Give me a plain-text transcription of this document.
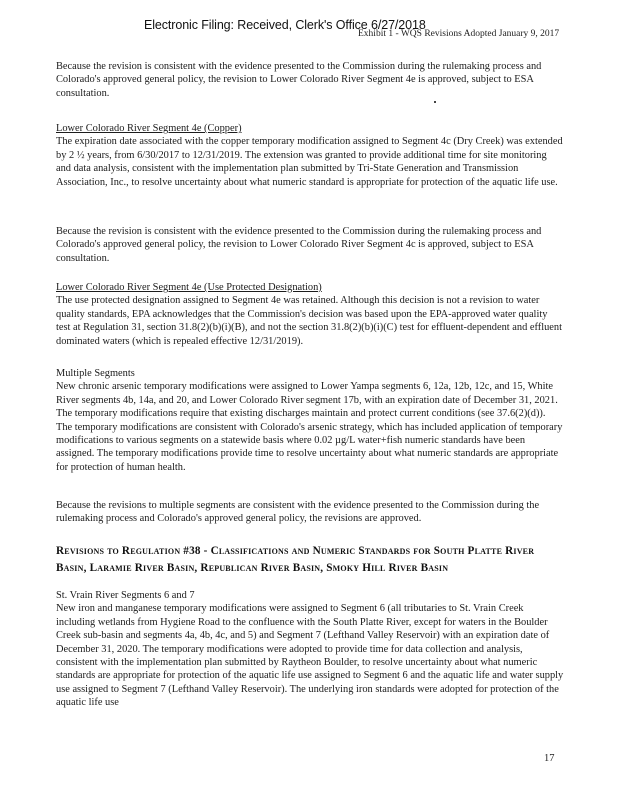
Electronic Filing: Received, Clerk's Office 6/27/2018
Exhibit 1 - WQS Revisions Adopted January 9, 2017

Because the revision is consistent with the evidence presented to the Commission during the rulemaking process and Colorado's approved general policy, the revision to Lower Colorado River Segment 4e is approved, subject to ESA consultation.

Lower Colorado River Segment 4e (Copper)

The expiration date associated with the copper temporary modification assigned to Segment 4c (Dry Creek) was extended by 2 ½ years, from 6/30/2017 to 12/31/2019. The extension was granted to provide additional time for site monitoring and data analysis, consistent with the implementation plan submitted by Tri-State Generation and Transmission Association, Inc., to resolve uncertainty about what numeric standard is appropriate for protection of the aquatic life use.

Because the revision is consistent with the evidence presented to the Commission during the rulemaking process and Colorado's approved general policy, the revision to Lower Colorado River Segment 4c is approved, subject to ESA consultation.

Lower Colorado River Segment 4e (Use Protected Designation)

The use protected designation assigned to Segment 4e was retained. Although this decision is not a revision to water quality standards, EPA acknowledges that the Commission's decision was based upon the EPA-approved water quality test at Regulation 31, section 31.8(2)(b)(i)(B), and not the section 31.8(2)(b)(i)(C) test for effluent-dependent and effluent dominated waters (which is repealed effective 12/31/2019).

Multiple Segments

New chronic arsenic temporary modifications were assigned to Lower Yampa segments 6, 12a, 12b, 12c, and 15, White River segments 4b, 14a, and 20, and Lower Colorado River segment 17b, with an expiration date of December 31, 2021. The temporary modifications require that existing discharges maintain and protect current conditions (see 37.6(2)(d)). The temporary modifications are consistent with Colorado's arsenic strategy, which has included application of temporary modifications to various segments on a statewide basis where 0.02 µg/L water+fish numeric standards have been assigned. The temporary modifications provide time to resolve uncertainty about what numeric standards are appropriate for protection of human health.

Because the revisions to multiple segments are consistent with the evidence presented to the Commission during the rulemaking process and Colorado's approved general policy, the revisions are approved.

Revisions to Regulation #38 - Classifications and Numeric Standards for South Platte River Basin, Laramie River Basin, Republican River Basin, Smoky Hill River Basin

St. Vrain River Segments 6 and 7

New iron and manganese temporary modifications were assigned to Segment 6 (all tributaries to St. Vrain Creek including wetlands from Hygiene Road to the confluence with the South Platte River, except for waters in the Boulder Creek sub-basin and segments 4a, 4b, 4c, and 5) and Segment 7 (Lefthand Valley Reservoir) with an expiration date of December 31, 2020. The temporary modifications were adopted to provide time for data collection and analysis, consistent with the implementation plan submitted by Raytheon Boulder, to resolve uncertainty about what numeric standards are appropriate for protection of the aquatic life use assigned to Segment 6 and the aquatic life and water supply use assigned to Segment 7 (Lefthand Valley Reservoir). The underlying iron standards were adopted for protection of the aquatic life use

17
